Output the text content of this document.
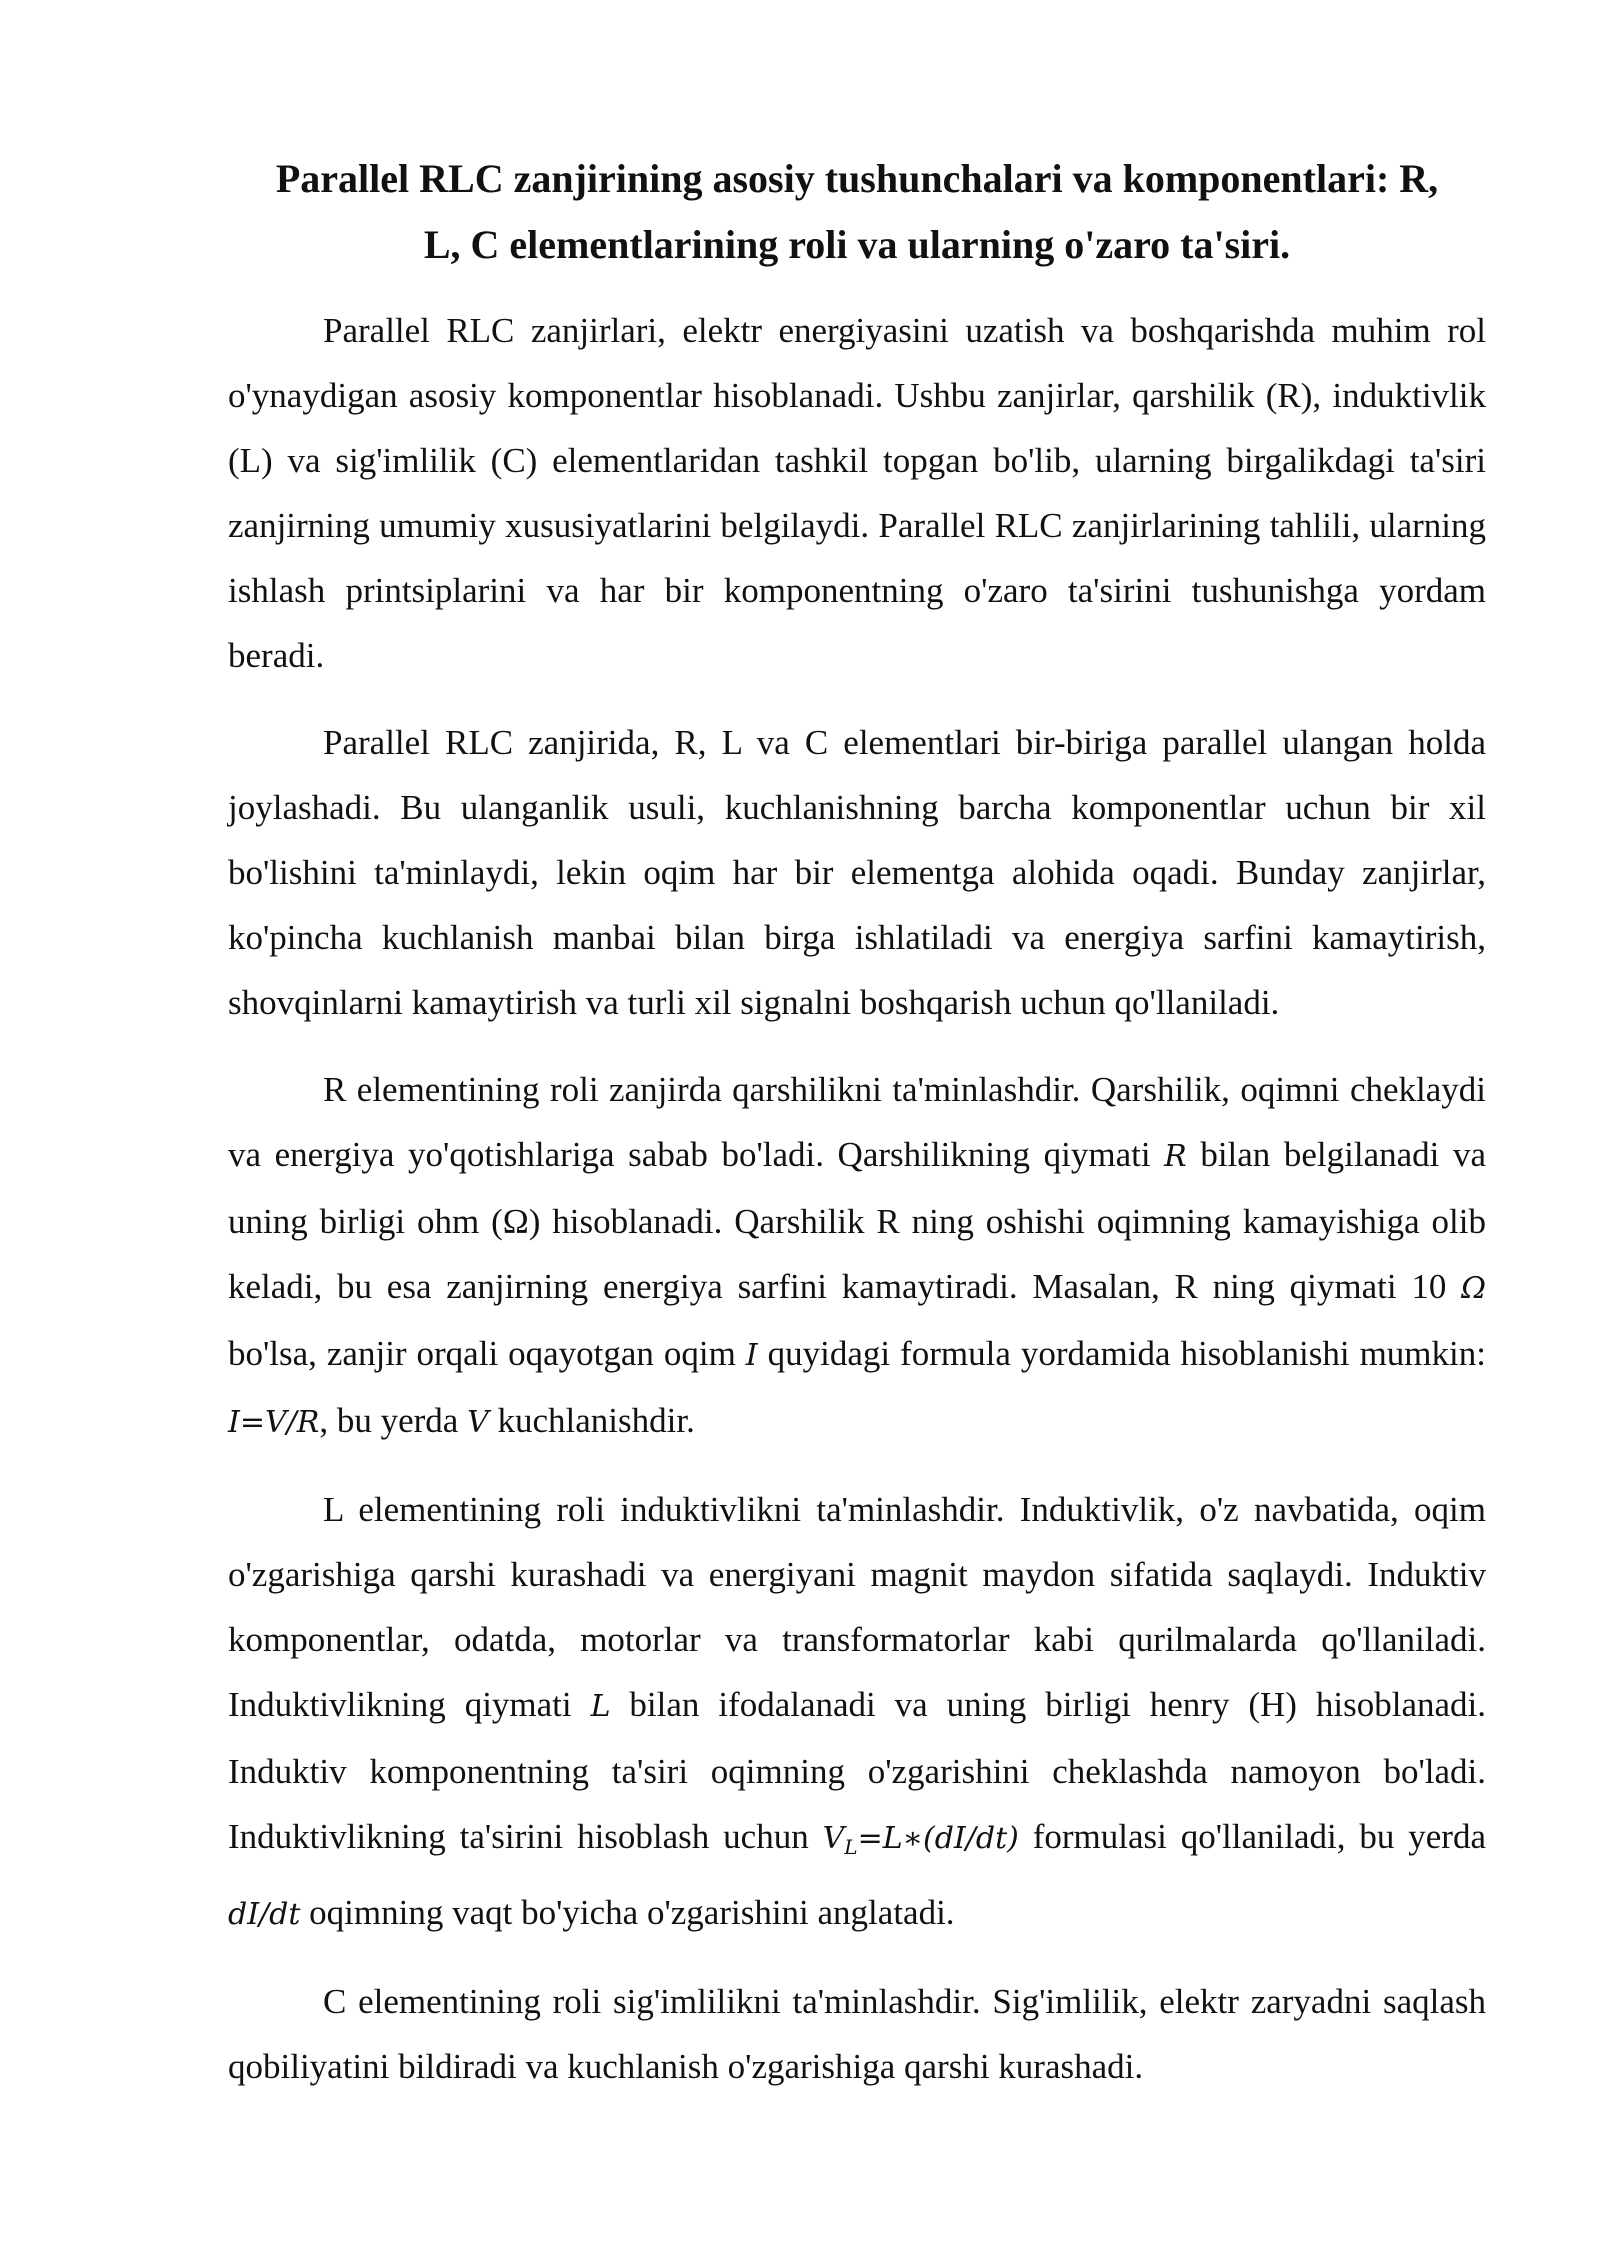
Parallel RLC zanjirining asosiy tushunchalari va komponentlari: R,
L, C elementlarining roli va ularning o'zaro ta'siri.

Parallel RLC zanjirlari, elektr energiyasini uzatish va boshqarishda muhim rol o'ynaydigan asosiy komponentlar hisoblanadi. Ushbu zanjirlar, qarshilik (R), induktivlik (L) va sig'imlilik (C) elementlaridan tashkil topgan bo'lib, ularning birgalikdagi ta'siri zanjirning umumiy xususiyatlarini belgilaydi. Parallel RLC zanjirlarining tahlili, ularning ishlash printsiplarini va har bir komponentning o'zaro ta'sirini tushunishga yordam beradi.

Parallel RLC zanjirida, R, L va C elementlari bir-biriga parallel ulangan holda joylashadi. Bu ulanganlik usuli, kuchlanishning barcha komponentlar uchun bir xil bo'lishini ta'minlaydi, lekin oqim har bir elementga alohida oqadi. Bunday zanjirlar, ko'pincha kuchlanish manbai bilan birga ishlatiladi va energiya sarfini kamaytirish, shovqinlarni kamaytirish va turli xil signalni boshqarish uchun qo'llaniladi.

R elementining roli zanjirda qarshilikni ta'minlashdir. Qarshilik, oqimni cheklaydi va energiya yo'qotishlariga sabab bo'ladi. Qarshilikning qiymati R bilan belgilanadi va uning birligi ohm (Ω) hisoblanadi. Qarshilik R ning oshishi oqimning kamayishiga olib keladi, bu esa zanjirning energiya sarfini kamaytiradi. Masalan, R ning qiymati 10 Ω bo'lsa, zanjir orqali oqayotgan oqim I quyidagi formula yordamida hisoblanishi mumkin: I=V/R, bu yerda V kuchlanishdir.

L elementining roli induktivlikni ta'minlashdir. Induktivlik, o'z navbatida, oqim o'zgarishiga qarshi kurashadi va energiyani magnit maydon sifatida saqlaydi. Induktiv komponentlar, odatda, motorlar va transformatorlar kabi qurilmalarda qo'llaniladi. Induktivlikning qiymati L bilan ifodalanadi va uning birligi henry (H) hisoblanadi. Induktiv komponentning ta'siri oqimning o'zgarishini cheklashda namoyon bo'ladi. Induktivlikning ta'sirini hisoblash uchun $V_L=L∗(dI/dt)$ formulasi qo'llaniladi, bu yerda dI/dt oqimning vaqt bo'yicha o'zgarishini anglatadi.

C elementining roli sig'imlilikni ta'minlashdir. Sig'imlilik, elektr zaryadni saqlash qobiliyatini bildiradi va kuchlanish o'zgarishiga qarshi kurashadi.
